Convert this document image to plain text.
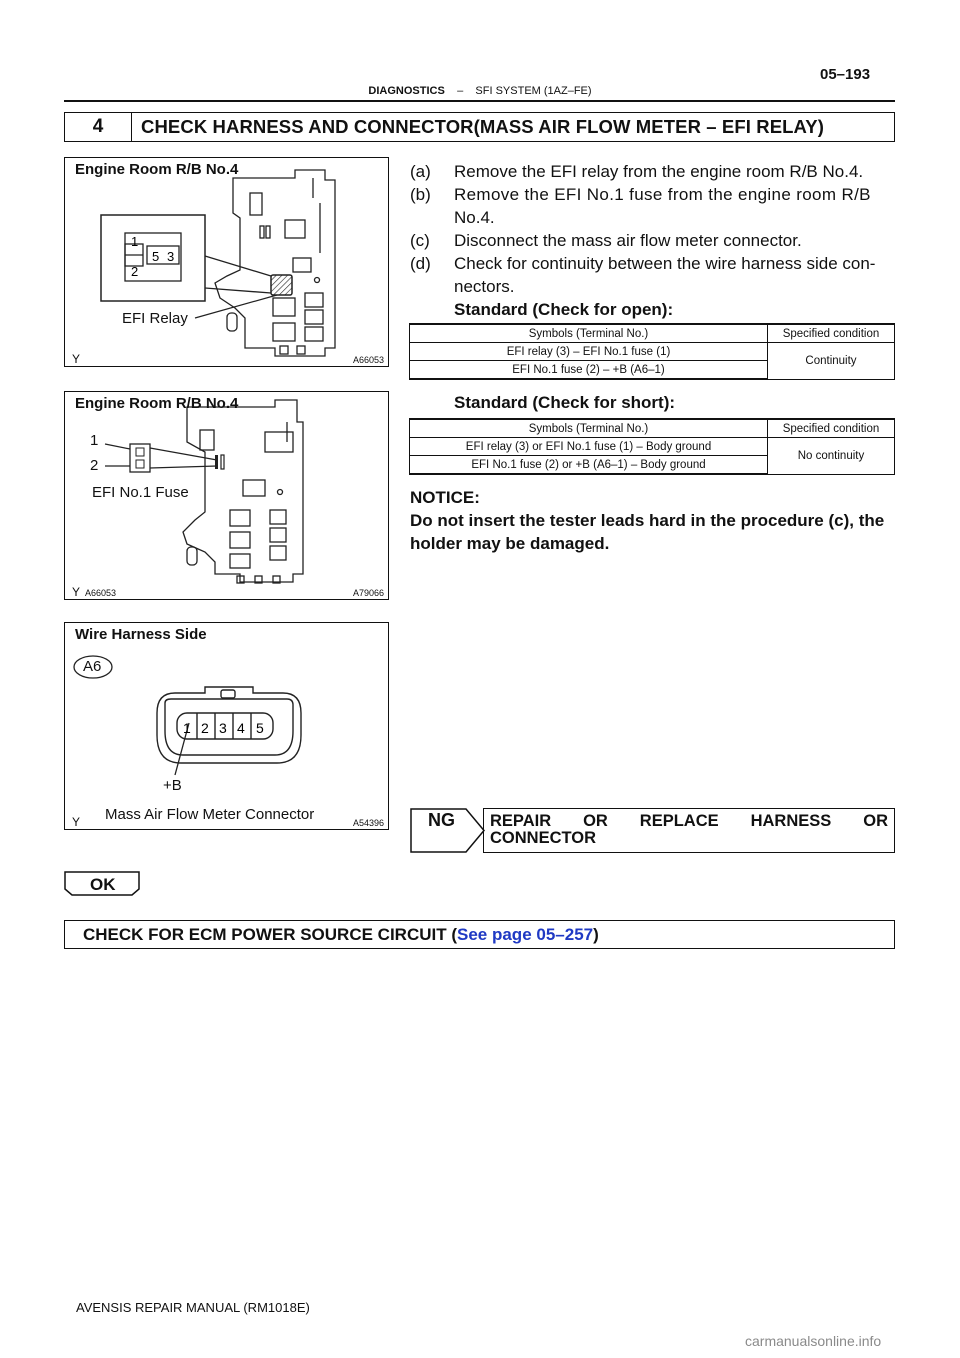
05–193
DIAGNOSTICS – SFI SYSTEM (1AZ–FE)
4	CHECK HARNESS AND CONNECTOR(MASS AIR FLOW METER – EFI RELAY)
1
2
5 3
Engine Room R/B No.4
EFI Relay
Y	A66053
Engine Room R/B No.4
1
2
EFI No.1 Fuse
Y A66053	A79066
1 2 3 4 5
Wire Harness Side
A6
+B
Mass Air Flow Meter Connector
Y	A54396
(a) Remove the EFI relay from the engine room R/B No.4.
(b) Remove the EFI No.1 fuse from the engine room R/B
No.4.
(c) Disconnect the mass air flow meter connector.
(d) Check for continuity between the wire harness side con-
nectors.
Standard (Check for open):
Symbols (Terminal No.)	Specified condition
EFI relay (3) – EFI No.1 fuse (1)	Continuity
EFI No.1 fuse (2) – +B (A6–1)	
Standard (Check for short):
Symbols (Terminal No.)	Specified condition
EFI relay (3) or EFI No.1 fuse (1) – Body ground	No continuity
EFI No.1 fuse (2) or +B (A6–1) – Body ground	
NOTICE:
Do not insert the tester leads hard in the procedure (c), the holder may be damaged.
NG REPAIR OR REPLACE HARNESS OR
CONNECTOR
OK
CHECK FOR ECM POWER SOURCE CIRCUIT (See page 05–257)
AVENSIS REPAIR MANUAL (RM1018E)
carmanualsonline.info
